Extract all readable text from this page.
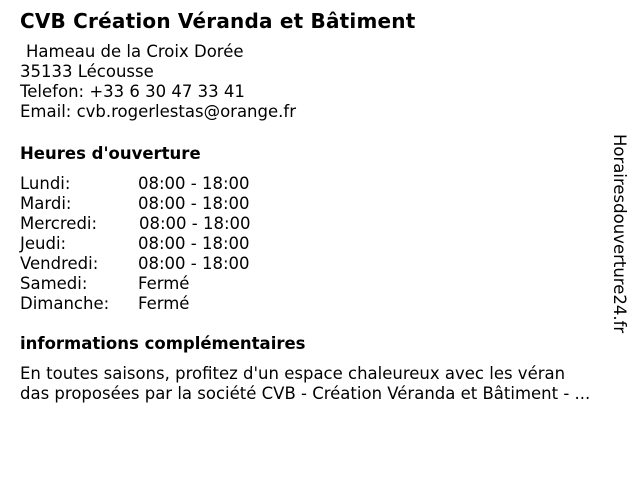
CVB Création Véranda et Bâtiment
Hameau de la Croix Dorée
35133 Lécousse
Telefon: +33 6 30 47 33 41
Email: cvb.rogerlestas@orange.fr
Heures d'ouverture
Lundi:	08:00 - 18:00
Mardi:	08:00 - 18:00
Mercredi:	08:00 - 18:00
Jeudi:	08:00 - 18:00
Vendredi: 08:00 - 18:00
Samedi:	Fermé
Dimanche: Fermé
informations complémentaires
En toutes saisons, profitez d'un espace chaleureux avec les véran
das proposées par la société CVB - Création Véranda et Bâtiment - ...
Horairesdouverture24.fr
